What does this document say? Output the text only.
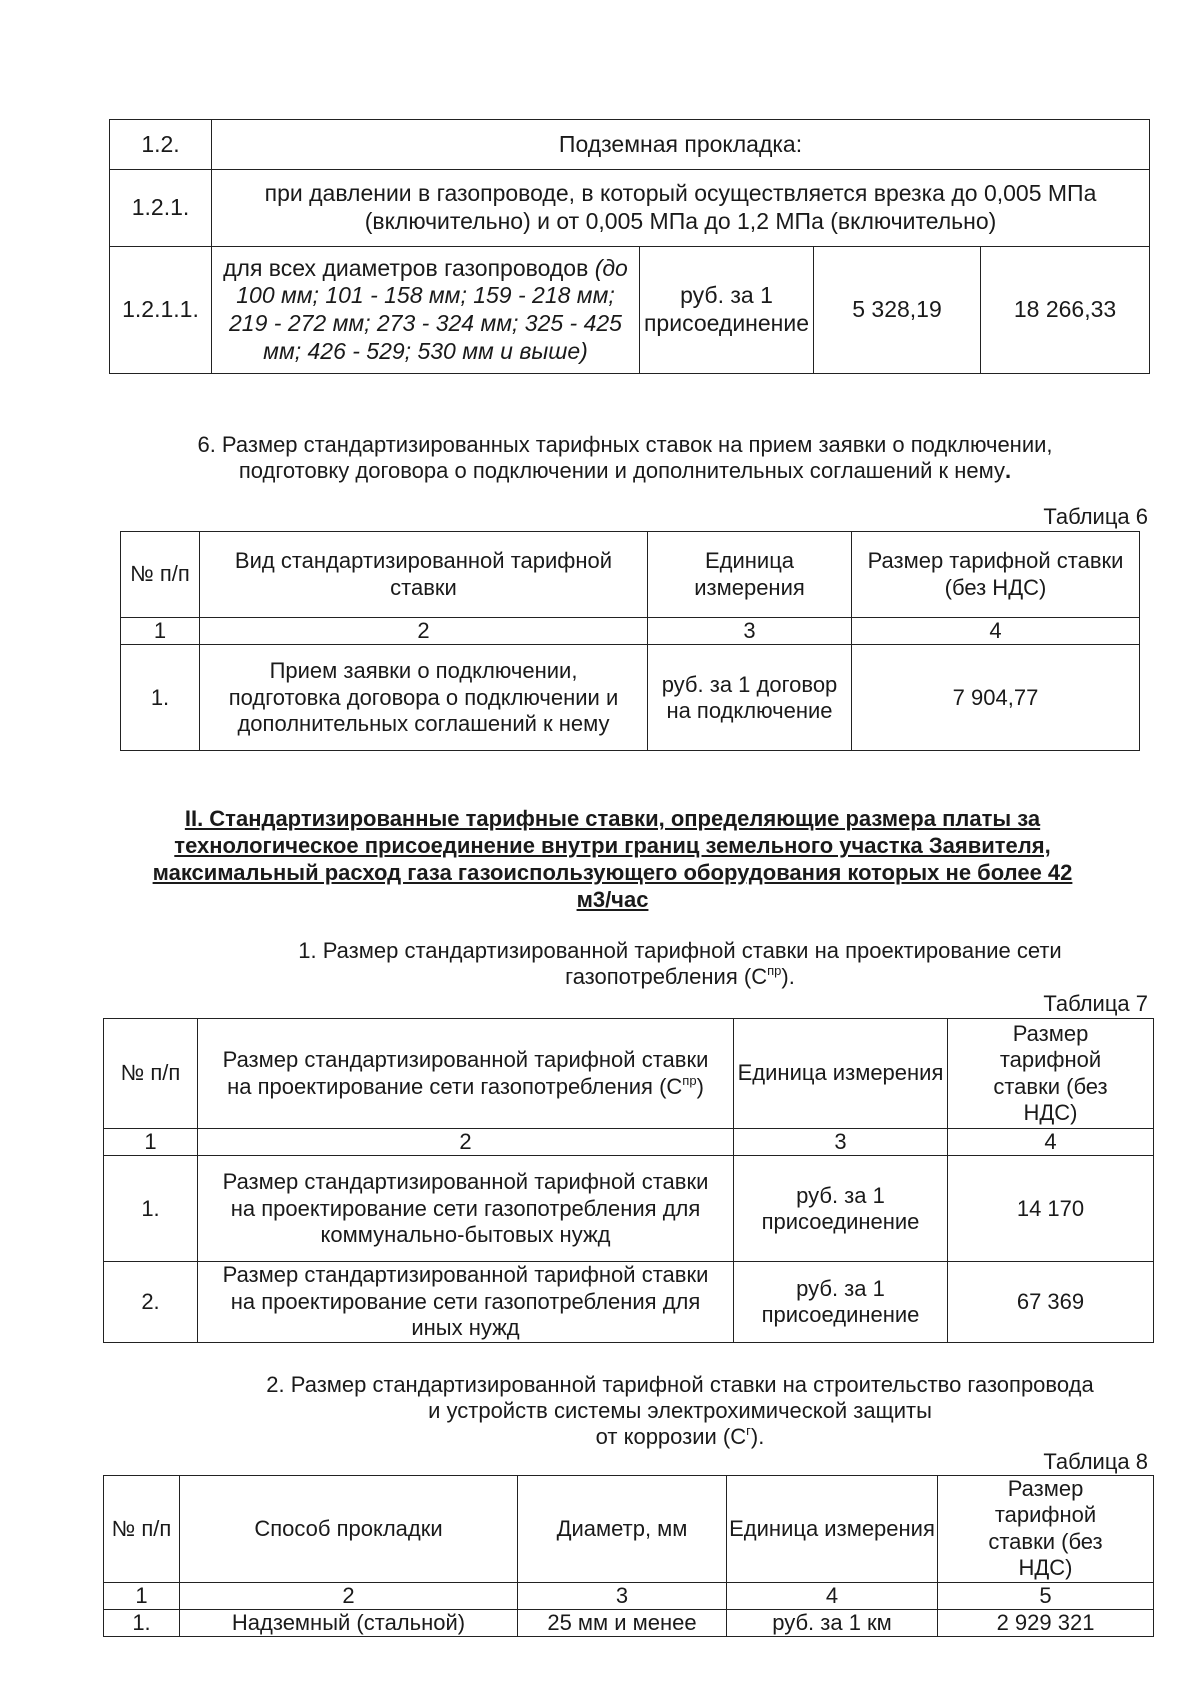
1.2.	Подземная прокладка:			
1.2.1.	при давлении в газопроводе, в который осуществляется врезка до 0,005 МПа (включительно) и от 0,005 МПа до 1,2 МПа (включительно)			
1.2.1.1.	для всех диаметров газопроводов (до 100 мм; 101 - 158 мм; 159 - 218 мм; 219 - 272 мм; 273 - 324 мм; 325 - 425 мм; 426 - 529; 530 мм и выше)	руб. за 1 присоединение	5 328,19	18 266,33
6. Размер стандартизированных тарифных ставок на прием заявки о подключении, подготовку договора о подключении и дополнительных соглашений к нему.
Таблица 6
№ п/п	Вид стандартизированной тарифной ставки	Единица измерения	Размер тарифной ставки (без НДС)
1	2	3	4
1.	Прием заявки о подключении, подготовка договора о подключении и дополнительных соглашений к нему	руб. за 1 договор на подключение	7 904,77
II. Стандартизированные тарифные ставки, определяющие размера платы за технологическое присоединение внутри границ земельного участка Заявителя, максимальный расход газа газоиспользующего оборудования которых не более 42 м3/час
1. Размер стандартизированной тарифной ставки на проектирование сети газопотребления $(С^{пр})$.
Таблица 7
№ п/п	Размер стандартизированной тарифной ставки на проектирование сети газопотребления $(С^{пр})$	Единица измерения	Размер тарифной ставки (без НДС)
1	2	3	4
1.	Размер стандартизированной тарифной ставки на проектирование сети газопотребления для коммунально-бытовых нужд	руб. за 1 присоединение	14 170
2.	Размер стандартизированной тарифной ставки на проектирование сети газопотребления для иных нужд	руб. за 1 присоединение	67 369
2. Размер стандартизированной тарифной ставки на строительство газопровода
и устройств системы электрохимической защиты
от коррозии $(С^г)$.
Таблица 8
№ п/п	Способ прокладки	Диаметр, мм	Единица измерения	Размер тарифной ставки (без НДС)
1	2	3	4	5
1.	Надземный (стальной)	25 мм и менее	руб. за 1 км	2 929 321
